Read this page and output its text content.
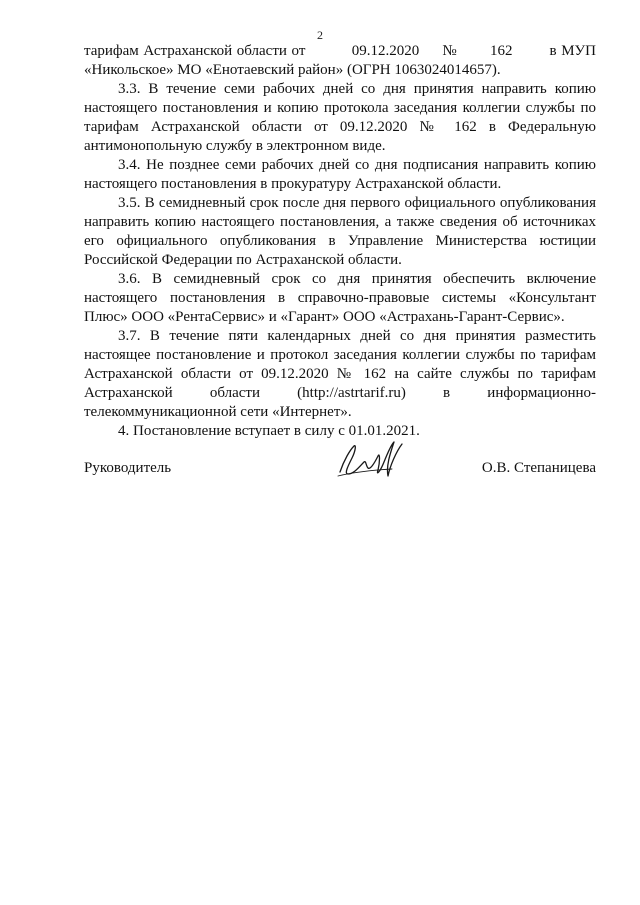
2

тарифам Астраханской области от          09.12.2020     №       162        в МУП

«Никольское» МО «Енотаевский район» (ОГРН 1063024014657).

3.3. В течение семи рабочих дней со дня принятия направить копию настоящего постановления и копию протокола заседания коллегии службы по тарифам Астраханской области от 09.12.2020 № 162 в Федеральную антимонопольную службу в электронном виде.

3.4. Не позднее семи рабочих дней со дня подписания направить копию настоящего постановления в прокуратуру Астраханской области.

3.5. В семидневный срок после дня первого официального опубликования направить копию настоящего постановления, а также сведения об источниках его официального опубликования в Управление Министерства юстиции Российской Федерации по Астраханской области.

3.6. В семидневный срок со дня принятия обеспечить включение настоящего постановления в справочно-правовые системы «Консультант Плюс» ООО «РентаСервис» и «Гарант» ООО «Астрахань-Гарант-Сервис».

3.7. В течение пяти календарных дней со дня принятия разместить настоящее постановление и протокол заседания коллегии службы по тарифам Астраханской области от 09.12.2020 № 162 на сайте службы по тарифам Астраханской области (http://astrtarif.ru) в информационно-телекоммуникационной сети «Интернет».

4. Постановление вступает в силу с 01.01.2021.

Руководитель	О.В. Степаницева
